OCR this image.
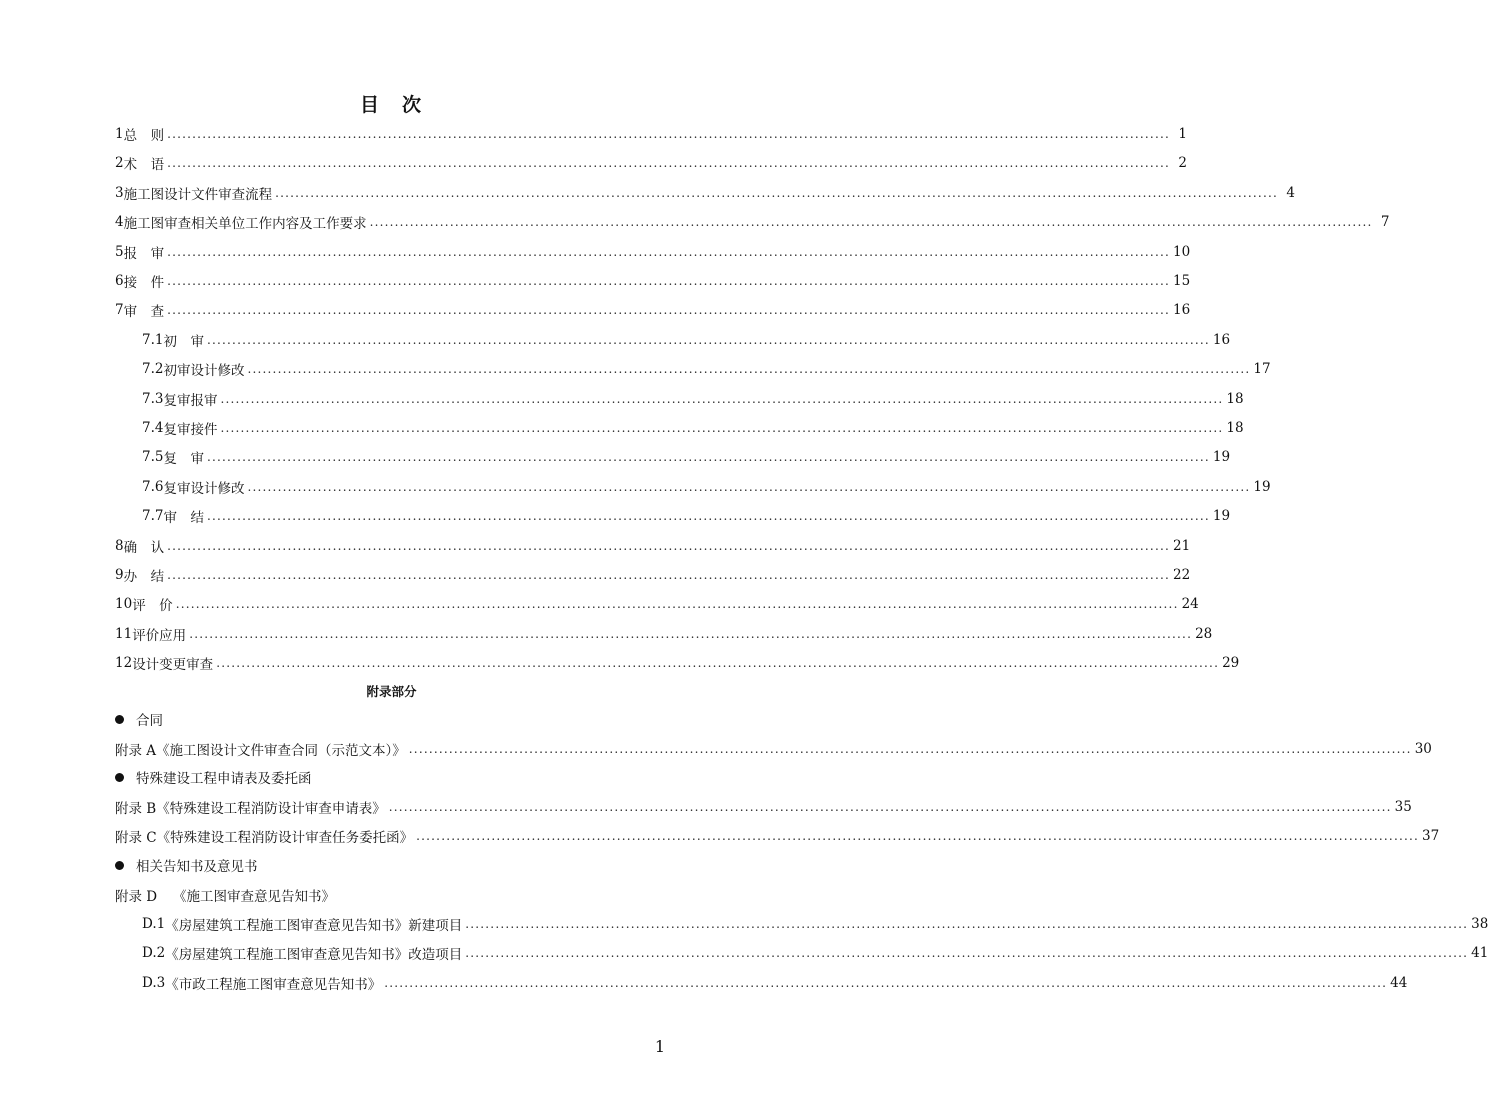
目　次
1 总　则 ........................................................................................................................................................................................................ 1
2 术　语 ........................................................................................................................................................................................................ 2
3 施工图设计文件审查流程 ........................................................................................................................................................................................................ 4
4 施工图审查相关单位工作内容及工作要求 ........................................................................................................................................................................................................ 7
5 报　审 ........................................................................................................................................................................................................ 10
6 接　件 ........................................................................................................................................................................................................ 15
7 审　查 ........................................................................................................................................................................................................ 16
7.1 初　审 ........................................................................................................................................................................................................ 16
7.2 初审设计修改 ........................................................................................................................................................................................................ 17
7.3 复审报审 ........................................................................................................................................................................................................ 18
7.4 复审接件 ........................................................................................................................................................................................................ 18
7.5 复　审 ........................................................................................................................................................................................................ 19
7.6 复审设计修改 ........................................................................................................................................................................................................ 19
7.7 审　结 ........................................................................................................................................................................................................ 19
8 确　认 ........................................................................................................................................................................................................ 21
9 办　结 ........................................................................................................................................................................................................ 22
10 评　价 ........................................................................................................................................................................................................ 24
11 评价应用 ........................................................................................................................................................................................................ 28
12 设计变更审查 ........................................................................................................................................................................................................ 29
附录部分
合同
特殊建设工程申请表及委托函
相关告知书及意见书
附录 A 《施工图设计文件审查合同（示范文本）》 ........................................................................................................................................................................................................ 30
附录 B 《特殊建设工程消防设计审查申请表》 ........................................................................................................................................................................................................ 35
附录 C 《特殊建设工程消防设计审查任务委托函》 ........................................................................................................................................................................................................ 37
附录 D	《施工图审查意见告知书》
D.1 《房屋建筑工程施工图审查意见告知书》新建项目 ........................................................................................................................................................................................................ 38
D.2 《房屋建筑工程施工图审查意见告知书》改造项目 ........................................................................................................................................................................................................ 41
D.3 《市政工程施工图审查意见告知书》 ........................................................................................................................................................................................................ 44
1
